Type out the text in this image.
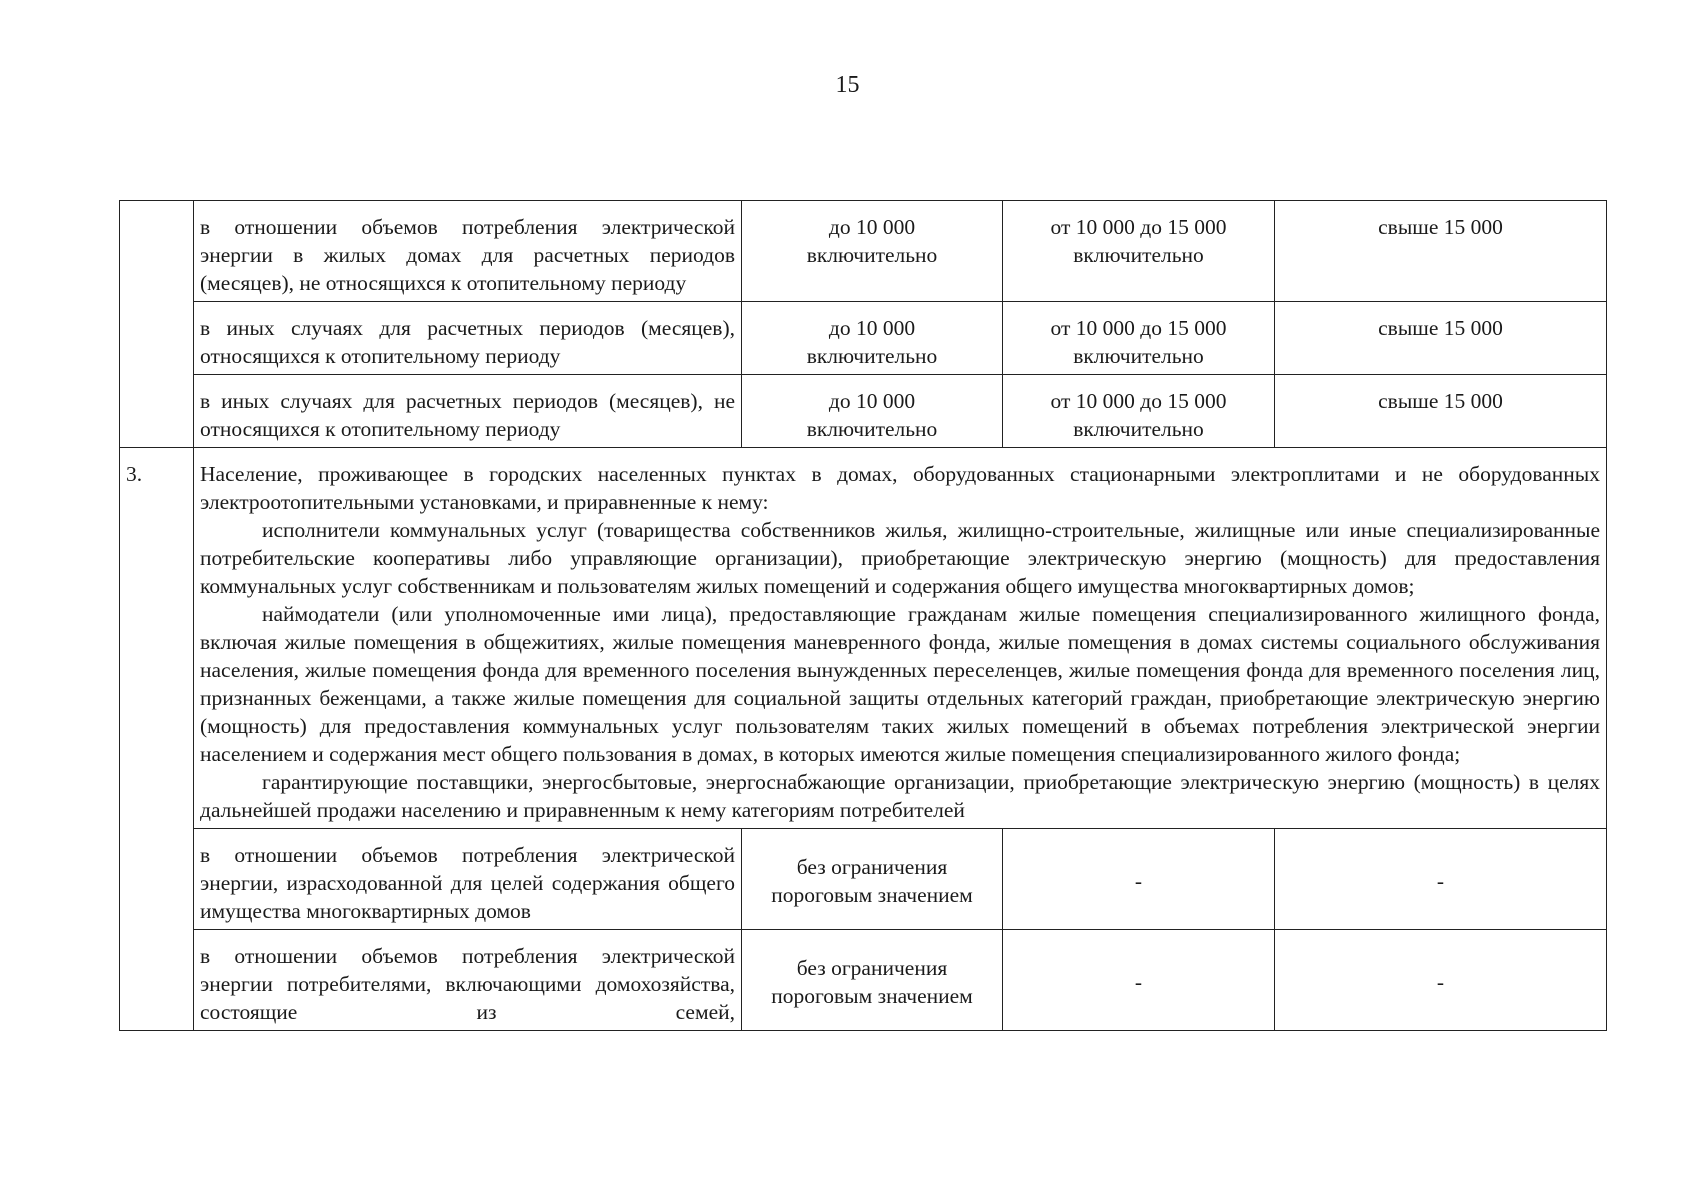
15
	в отношении объемов потребления электрической энергии в жилых домах для расчетных периодов (месяцев), не относящихся к отопительному периоду	до 10 000
включительно	от 10 000 до 15 000
включительно	свыше 15 000

	в иных случаях для расчетных периодов (месяцев), относящихся к отопительному периоду	до 10 000
включительно	от 10 000 до 15 000
включительно	свыше 15 000

	в иных случаях для расчетных периодов (месяцев), не относящихся к отопительному периоду	до 10 000
включительно	от 10 000 до 15 000
включительно	свыше 15 000

3.	Население, проживающее в городских населенных пунктах в домах, оборудованных стационарными электроплитами и не оборудованных электроотопительными установками, и приравненные к нему:
исполнители коммунальных услуг (товарищества собственников жилья, жилищно-строительные, жилищные или иные специализированные потребительские кооперативы либо управляющие организации), приобретающие электрическую энергию (мощность) для предоставления коммунальных услуг собственникам и пользователям жилых помещений и содержания общего имущества многоквартирных домов;
наймодатели (или уполномоченные ими лица), предоставляющие гражданам жилые помещения специализированного жилищного фонда, включая жилые помещения в общежитиях, жилые помещения маневренного фонда, жилые помещения в домах системы социального обслуживания населения, жилые помещения фонда для временного поселения вынужденных переселенцев, жилые помещения фонда для временного поселения лиц, признанных беженцами, а также жилые помещения для социальной защиты отдельных категорий граждан, приобретающие электрическую энергию (мощность) для предоставления коммунальных услуг пользователям таких жилых помещений в объемах потребления электрической энергии населением и содержания мест общего пользования в домах, в которых имеются жилые помещения специализированного жилого фонда;
гарантирующие поставщики, энергосбытовые, энергоснабжающие организации, приобретающие электрическую энергию (мощность) в целях дальнейшей продажи населению и приравненным к нему категориям потребителей			

	в отношении объемов потребления электрической энергии, израсходованной для целей содержания общего имущества многоквартирных домов	без ограничения
пороговым значением	-	-
	в отношении объемов потребления электрической энергии потребителями, включающими домохозяйства, состоящие из семей,	без ограничения
пороговым значением	-	-
